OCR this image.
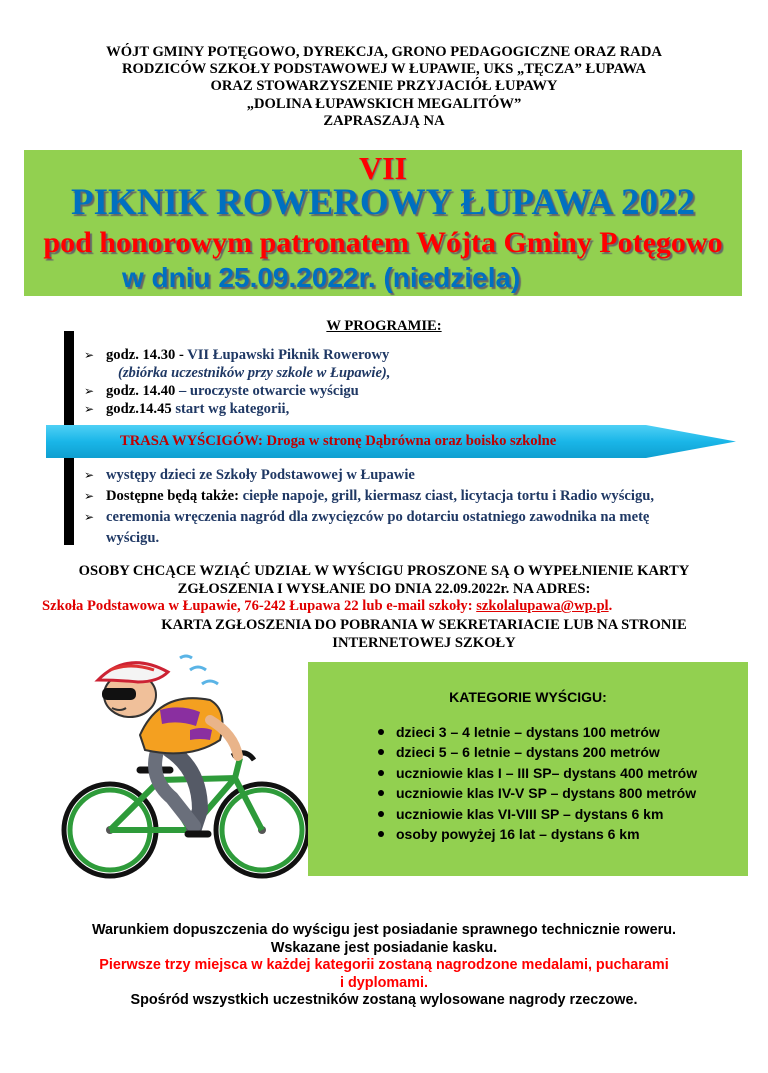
WÓJT GMINY POTĘGOWO, DYREKCJA, GRONO PEDAGOGICZNE ORAZ RADA
RODZICÓW SZKOŁY PODSTAWOWEJ W ŁUPAWIE, UKS „TĘCZA” ŁUPAWA
ORAZ STOWARZYSZENIE PRZYJACIÓŁ ŁUPAWY
„DOLINA ŁUPAWSKICH MEGALITÓW”
ZAPRASZAJĄ NA
VII
PIKNIK ROWEROWY ŁUPAWA 2022
pod honorowym patronatem Wójta Gminy Potęgowo
w dniu 25.09.2022r. (niedziela)
W PROGRAMIE:
➢ godz. 14.30 - VII Łupawski Piknik Rowerowy
(zbiórka uczestników przy szkole w Łupawie),
➢ godz. 14.40 – uroczyste otwarcie wyścigu
➢ godz.14.45 start wg kategorii,
TRASA WYŚCIGÓW: Droga w stronę Dąbrówna oraz boisko szkolne
➢ występy dzieci ze Szkoły Podstawowej w Łupawie
➢ Dostępne będą także: ciepłe napoje, grill, kiermasz ciast, licytacja tortu i Radio wyścigu,
➢ ceremonia wręczenia nagród dla zwycięzców po dotarciu ostatniego zawodnika na metę
wyścigu.
OSOBY CHCĄCE WZIĄĆ UDZIAŁ W WYŚCIGU PROSZONE SĄ O WYPEŁNIENIE KARTY
ZGŁOSZENIA I WYSŁANIE DO DNIA 22.09.2022r. NA ADRES:
Szkoła Podstawowa w Łupawie, 76-242 Łupawa 22 lub e-mail szkoły: szkolalupawa@wp.pl.
KARTA ZGŁOSZENIA DO POBRANIA W SEKRETARIACIE LUB NA STRONIE
INTERNETOWEJ SZKOŁY
KATEGORIE WYŚCIGU:
dzieci 3 – 4 letnie – dystans 100 metrów
dzieci 5 – 6 letnie – dystans 200 metrów
uczniowie klas I – III SP– dystans 400 metrów
uczniowie klas IV-V SP – dystans 800 metrów
uczniowie klas VI-VIII SP – dystans 6 km
osoby powyżej 16 lat – dystans 6 km
Warunkiem dopuszczenia do wyścigu jest posiadanie sprawnego technicznie roweru.
Wskazane jest posiadanie kasku.
Pierwsze trzy miejsca w każdej kategorii zostaną nagrodzone medalami, pucharami
i dyplomami.
Spośród wszystkich uczestników zostaną wylosowane nagrody rzeczowe.
